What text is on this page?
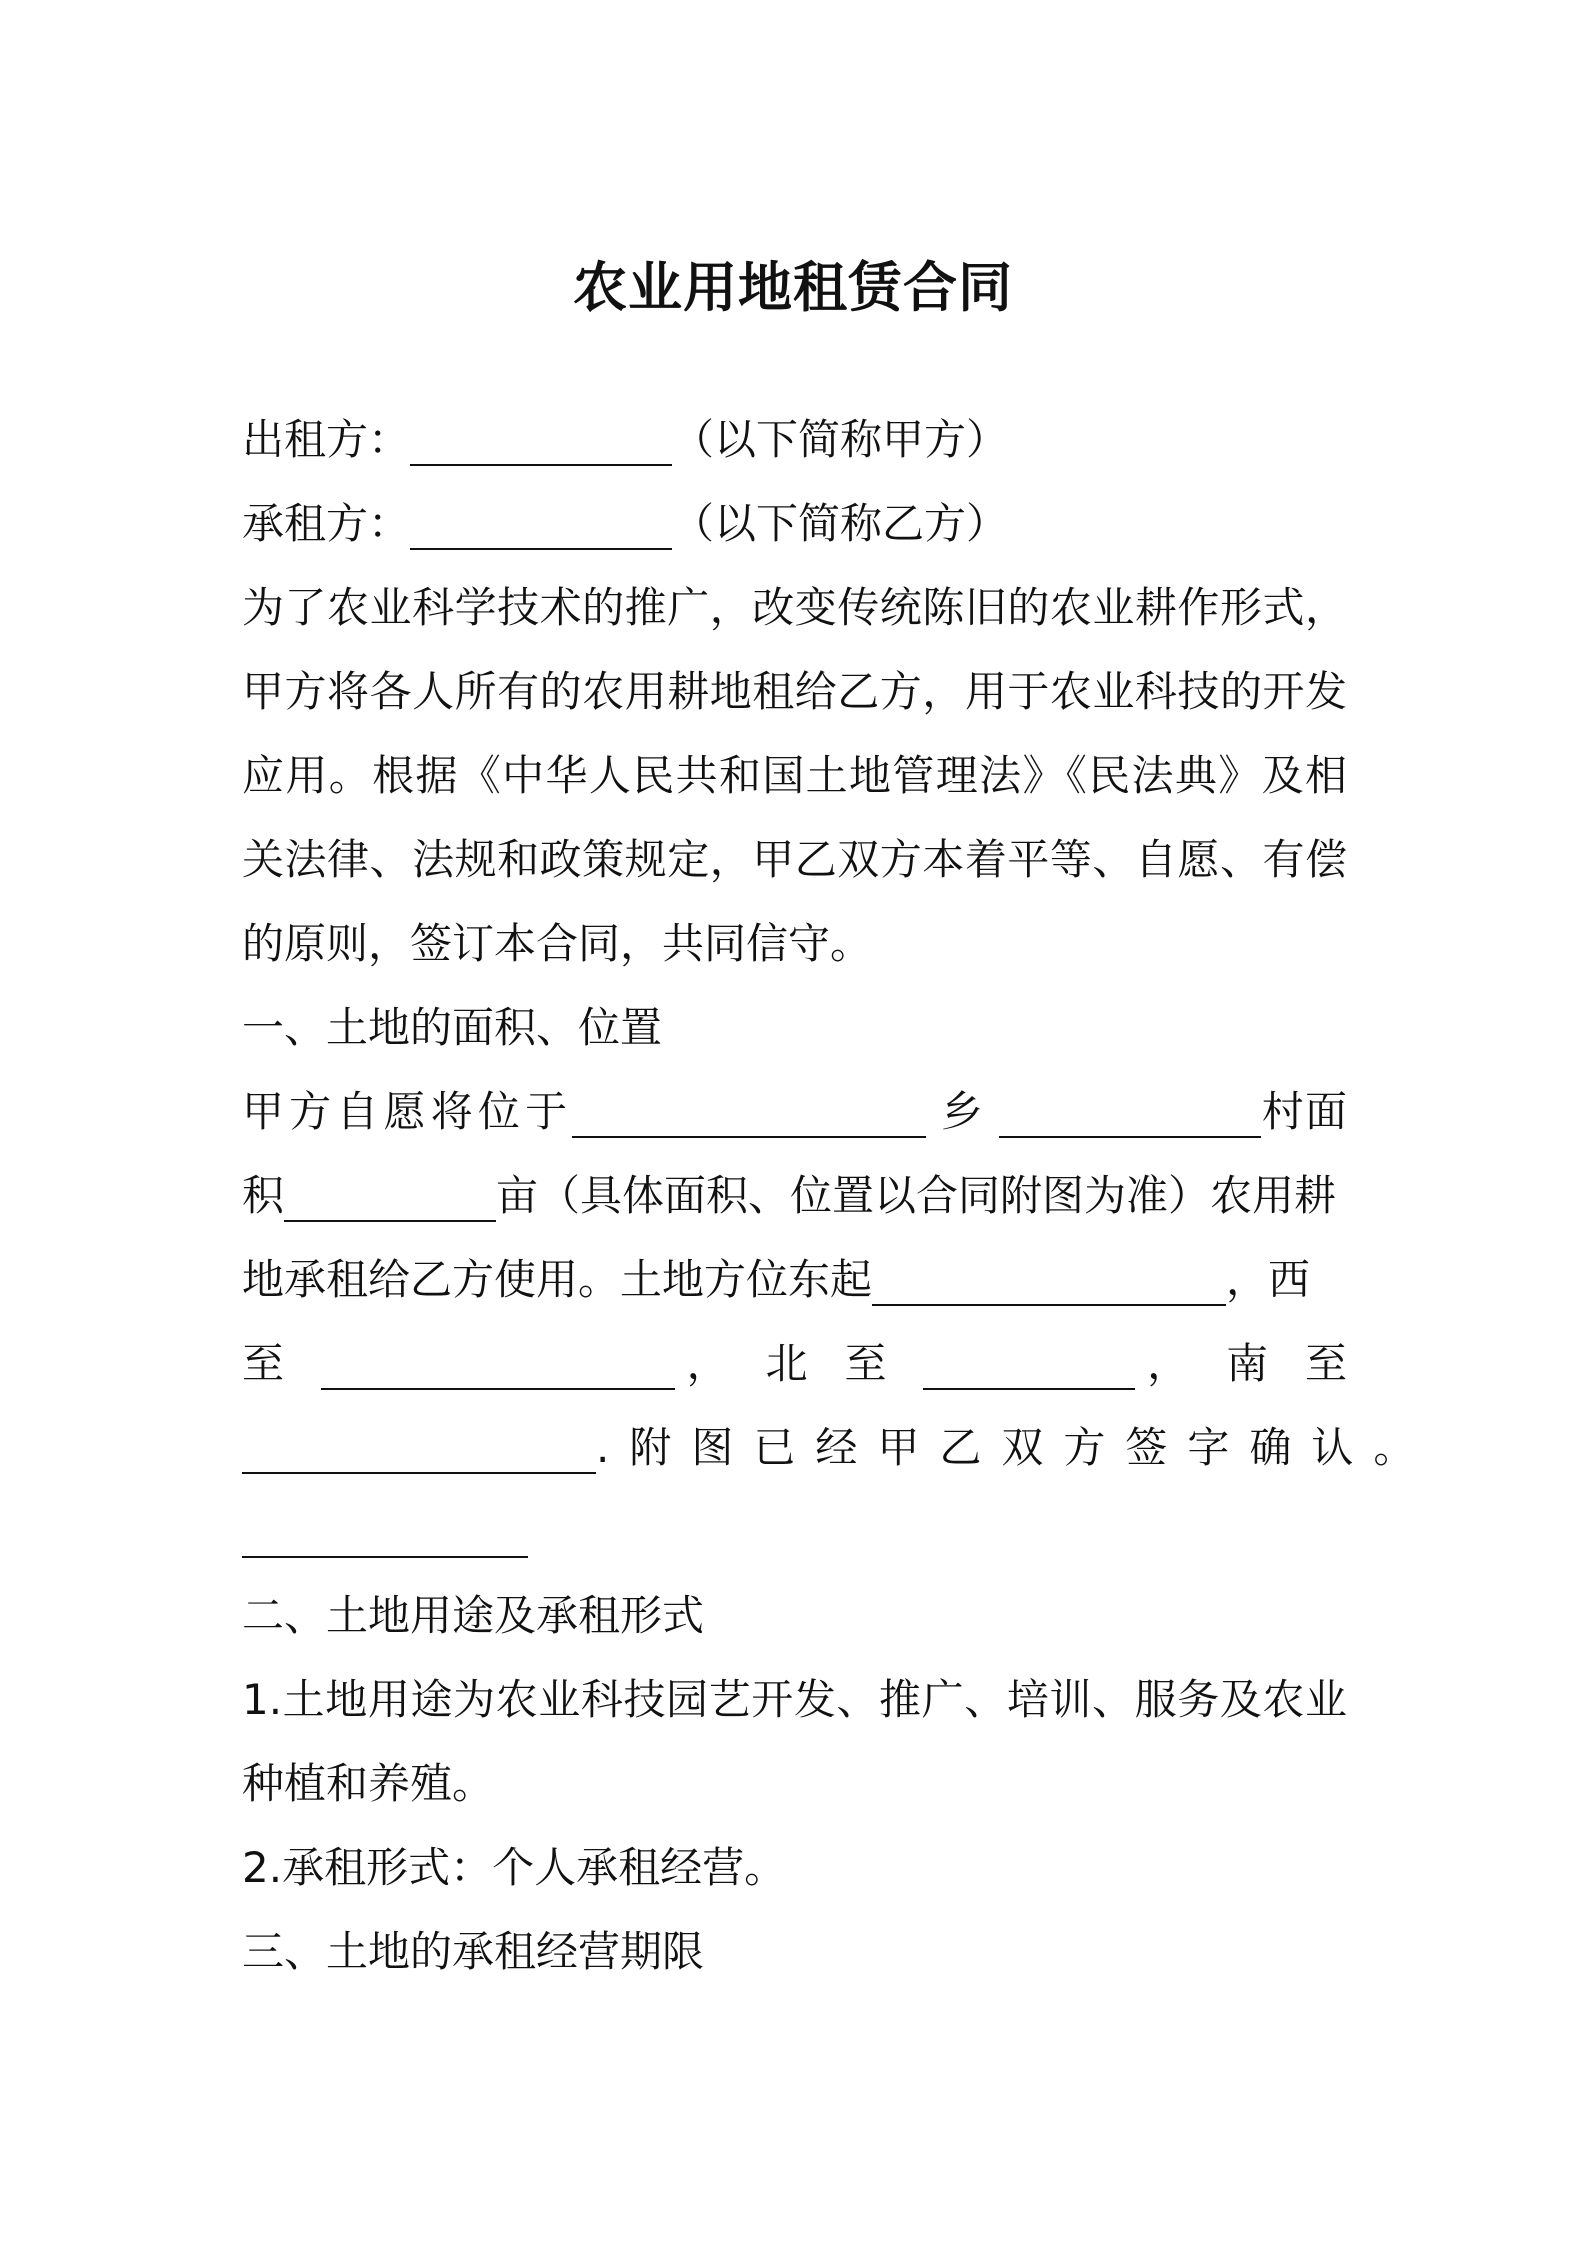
农业用地租赁合同
出租方：	（以下简称甲方）
承租方：	（以下简称乙方）
为了农业科学技术的推广，改变传统陈旧的农业耕作形式，甲方将各人所有的农用耕地租给乙方，用于农业科技的开发应用。根据《中华人民共和国土地管理法》《民法典》及相关法律、法规和政策规定，甲乙双方本着平等、自愿、有偿的原则，签订本合同，共同信守。
一、土地的面积、位置
甲方自愿将位于	乡	村面
积	亩（具体面积、位置以合同附图为准）农用耕
地承租给乙方使用。土地方位东起	，西
至	， 北 至	， 南 至
.附图已经甲乙双方签字确认。
二、土地用途及承租形式
1.土地用途为农业科技园艺开发、推广、培训、服务及农业种植和养殖。
2.承租形式：个人承租经营。
三、土地的承租经营期限
